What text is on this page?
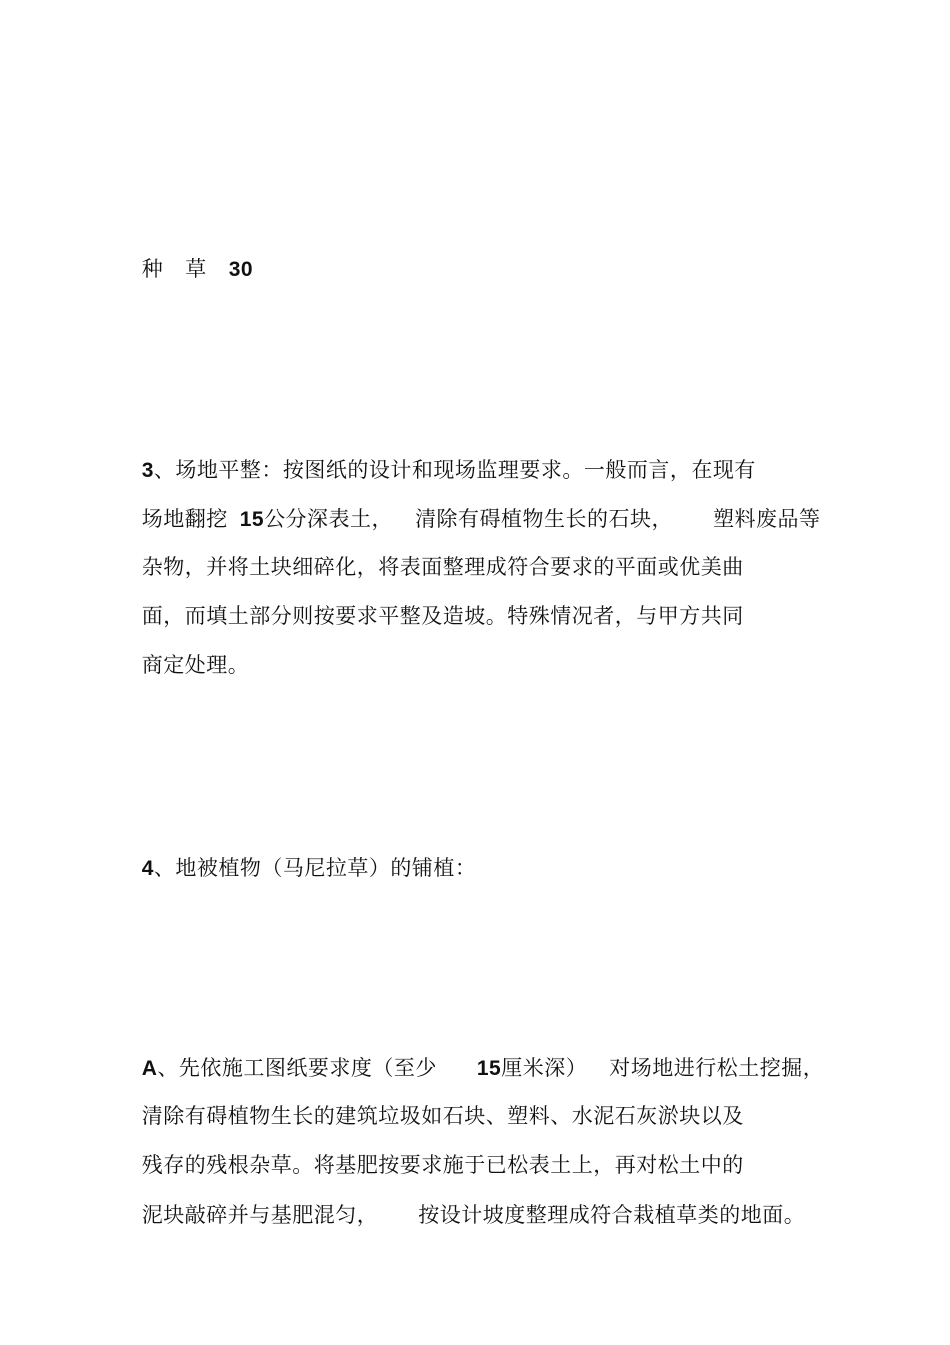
种 草 30

3、场地平整：按图纸的设计和现场监理要求。一般而言，在现有

场地翻挖 15公分深表土， 清除有碍植物生长的石块， 塑料废品等

杂物，并将土块细碎化，将表面整理成符合要求的平面或优美曲

面，而填土部分则按要求平整及造坡。特殊情况者，与甲方共同

商定处理。

4、地被植物（马尼拉草）的铺植：

A、先依施工图纸要求度（至少 15厘米深） 对场地进行松土挖掘，

清除有碍植物生长的建筑垃圾如石块、塑料、水泥石灰淤块以及

残存的残根杂草。将基肥按要求施于已松表土上，再对松土中的

泥块敲碎并与基肥混匀， 按设计坡度整理成符合栽植草类的地面。
